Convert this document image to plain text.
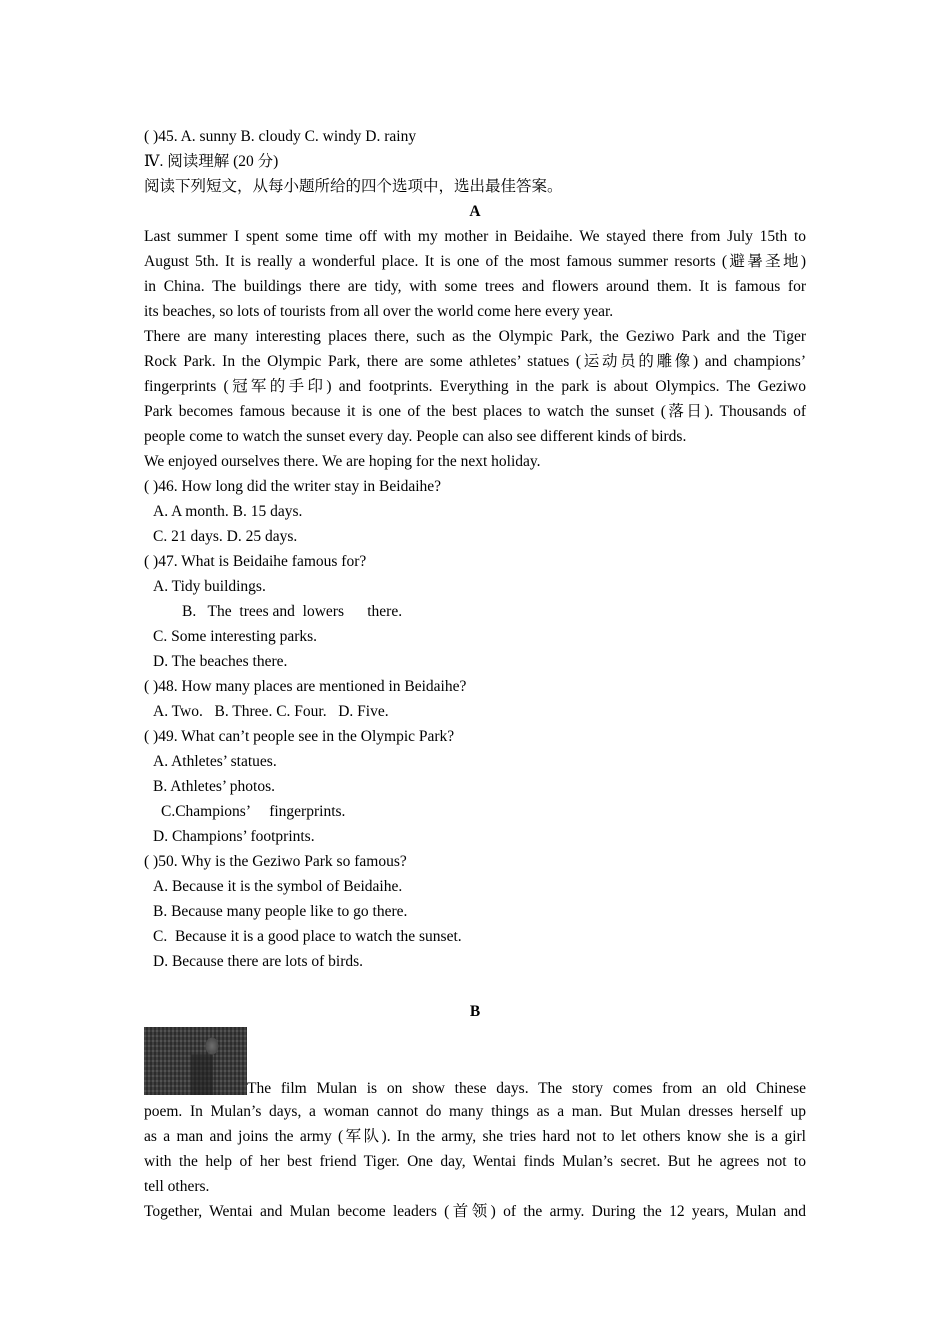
( )45. A. sunny B. cloudy C. windy D. rainy
Ⅳ. 阅读理解 (20 分)
阅读下列短文，从每小题所给的四个选项中，选出最佳答案。
A
Last summer I spent some time off with my mother in Beidaihe. We stayed there from July 15th to
August 5th. It is really a wonderful place. It is one of the most famous summer resorts (避暑圣地)
in China. The buildings there are tidy, with some trees and flowers around them. It is famous for
its beaches, so lots of tourists from all over the world come here every year.
There are many interesting places there, such as the Olympic Park, the Geziwo Park and the Tiger
Rock Park. In the Olympic Park, there are some athletes’ statues (运动员的雕像) and champions’
fingerprints (冠军的手印) and footprints. Everything in the park is about Olympics. The Geziwo
Park becomes famous because it is one of the best places to watch the sunset (落日). Thousands of
people come to watch the sunset every day. People can also see different kinds of birds.
We enjoyed ourselves there. We are hoping for the next holiday.
( )46. How long did the writer stay in Beidaihe?
A. A month. B. 15 days.
C. 21 days. D. 25 days.
( )47. What is Beidaihe famous for?
A. Tidy buildings.
B.   The  trees and  lowers      there.
C. Some interesting parks.
D. The beaches there.
( )48. How many places are mentioned in Beidaihe?
A. Two.   B. Three. C. Four.   D. Five.
( )49. What can’t people see in the Olympic Park?
A. Athletes’ statues.
B. Athletes’ photos.
C.Champions’     fingerprints.
D. Champions’ footprints.
( )50. Why is the Geziwo Park so famous?
A. Because it is the symbol of Beidaihe.
B. Because many people like to go there.
C.  Because it is a good place to watch the sunset.
D. Because there are lots of birds.
B
The film Mulan is on show these days. The story comes from an old Chinese
poem. In Mulan’s days, a woman cannot do many things as a man. But Mulan dresses herself up
as a man and joins the army (军队). In the army, she tries hard not to let others know she is a girl
with the help of her best friend Tiger. One day, Wentai finds Mulan’s secret. But he agrees not to
tell others.
Together, Wentai and Mulan become leaders (首领) of the army. During the 12 years, Mulan and
